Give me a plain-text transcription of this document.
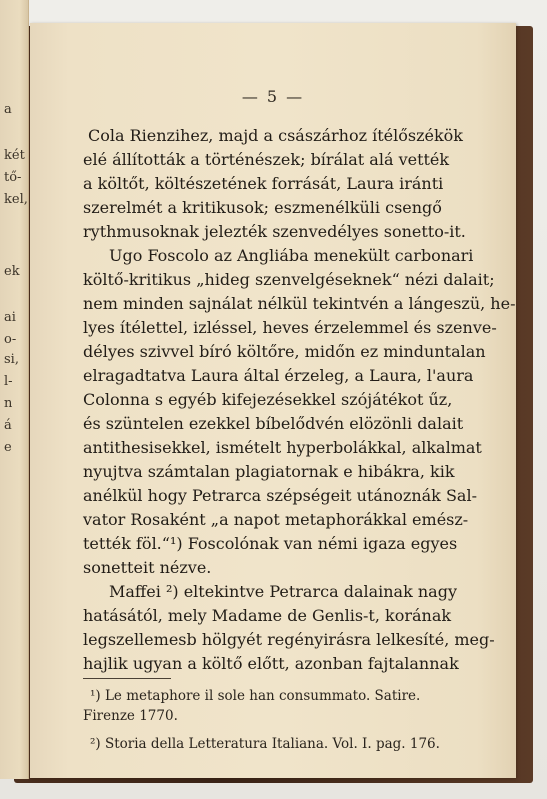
a
két
tő-
kel,
ek
ai
o-
si,
l-
n
á
e
— 5 —
Cola Rienzihez, majd a császárhoz ítélőszékök
elé állították a történészek; bírálat alá vették
a költőt, költészetének forrását, Laura iránti
szerelmét a kritikusok; eszmenélküli csengő
rythmusoknak jelezték szenvedélyes sonetto-it.
Ugo Foscolo az Angliába menekült carbonari
költő-kritikus „hideg szenvelgéseknek“ nézi dalait;
nem minden sajnálat nélkül tekintvén a lángeszü, he-
lyes ítélettel, izléssel, heves érzelemmel és szenve-
délyes szivvel bíró költőre, midőn ez minduntalan
elragadtatva Laura által érzeleg, a Laura, l'aura
Colonna s egyéb kifejezésekkel szójátékot űz,
és szüntelen ezekkel bíbelődvén elözönli dalait
antithesisekkel, ismételt hyperbolákkal, alkalmat
nyujtva számtalan plagiatornak e hibákra, kik
anélkül hogy Petrarca szépségeit utánoznák Sal-
vator Rosaként „a napot metaphorákkal emész-
tették föl.“¹) Foscolónak van némi igaza egyes
sonetteit nézve.
Maffei ²) eltekintve Petrarca dalainak nagy
hatásától, mely Madame de Genlis-t, korának
legszellemesb hölgyét regényirásra lelkesíté, meg-
hajlik ugyan a költő előtt, azonban fajtalannak
¹) Le metaphore il sole han consummato. Satire.
Firenze 1770.
²) Storia della Letteratura Italiana. Vol. I. pag. 176.
